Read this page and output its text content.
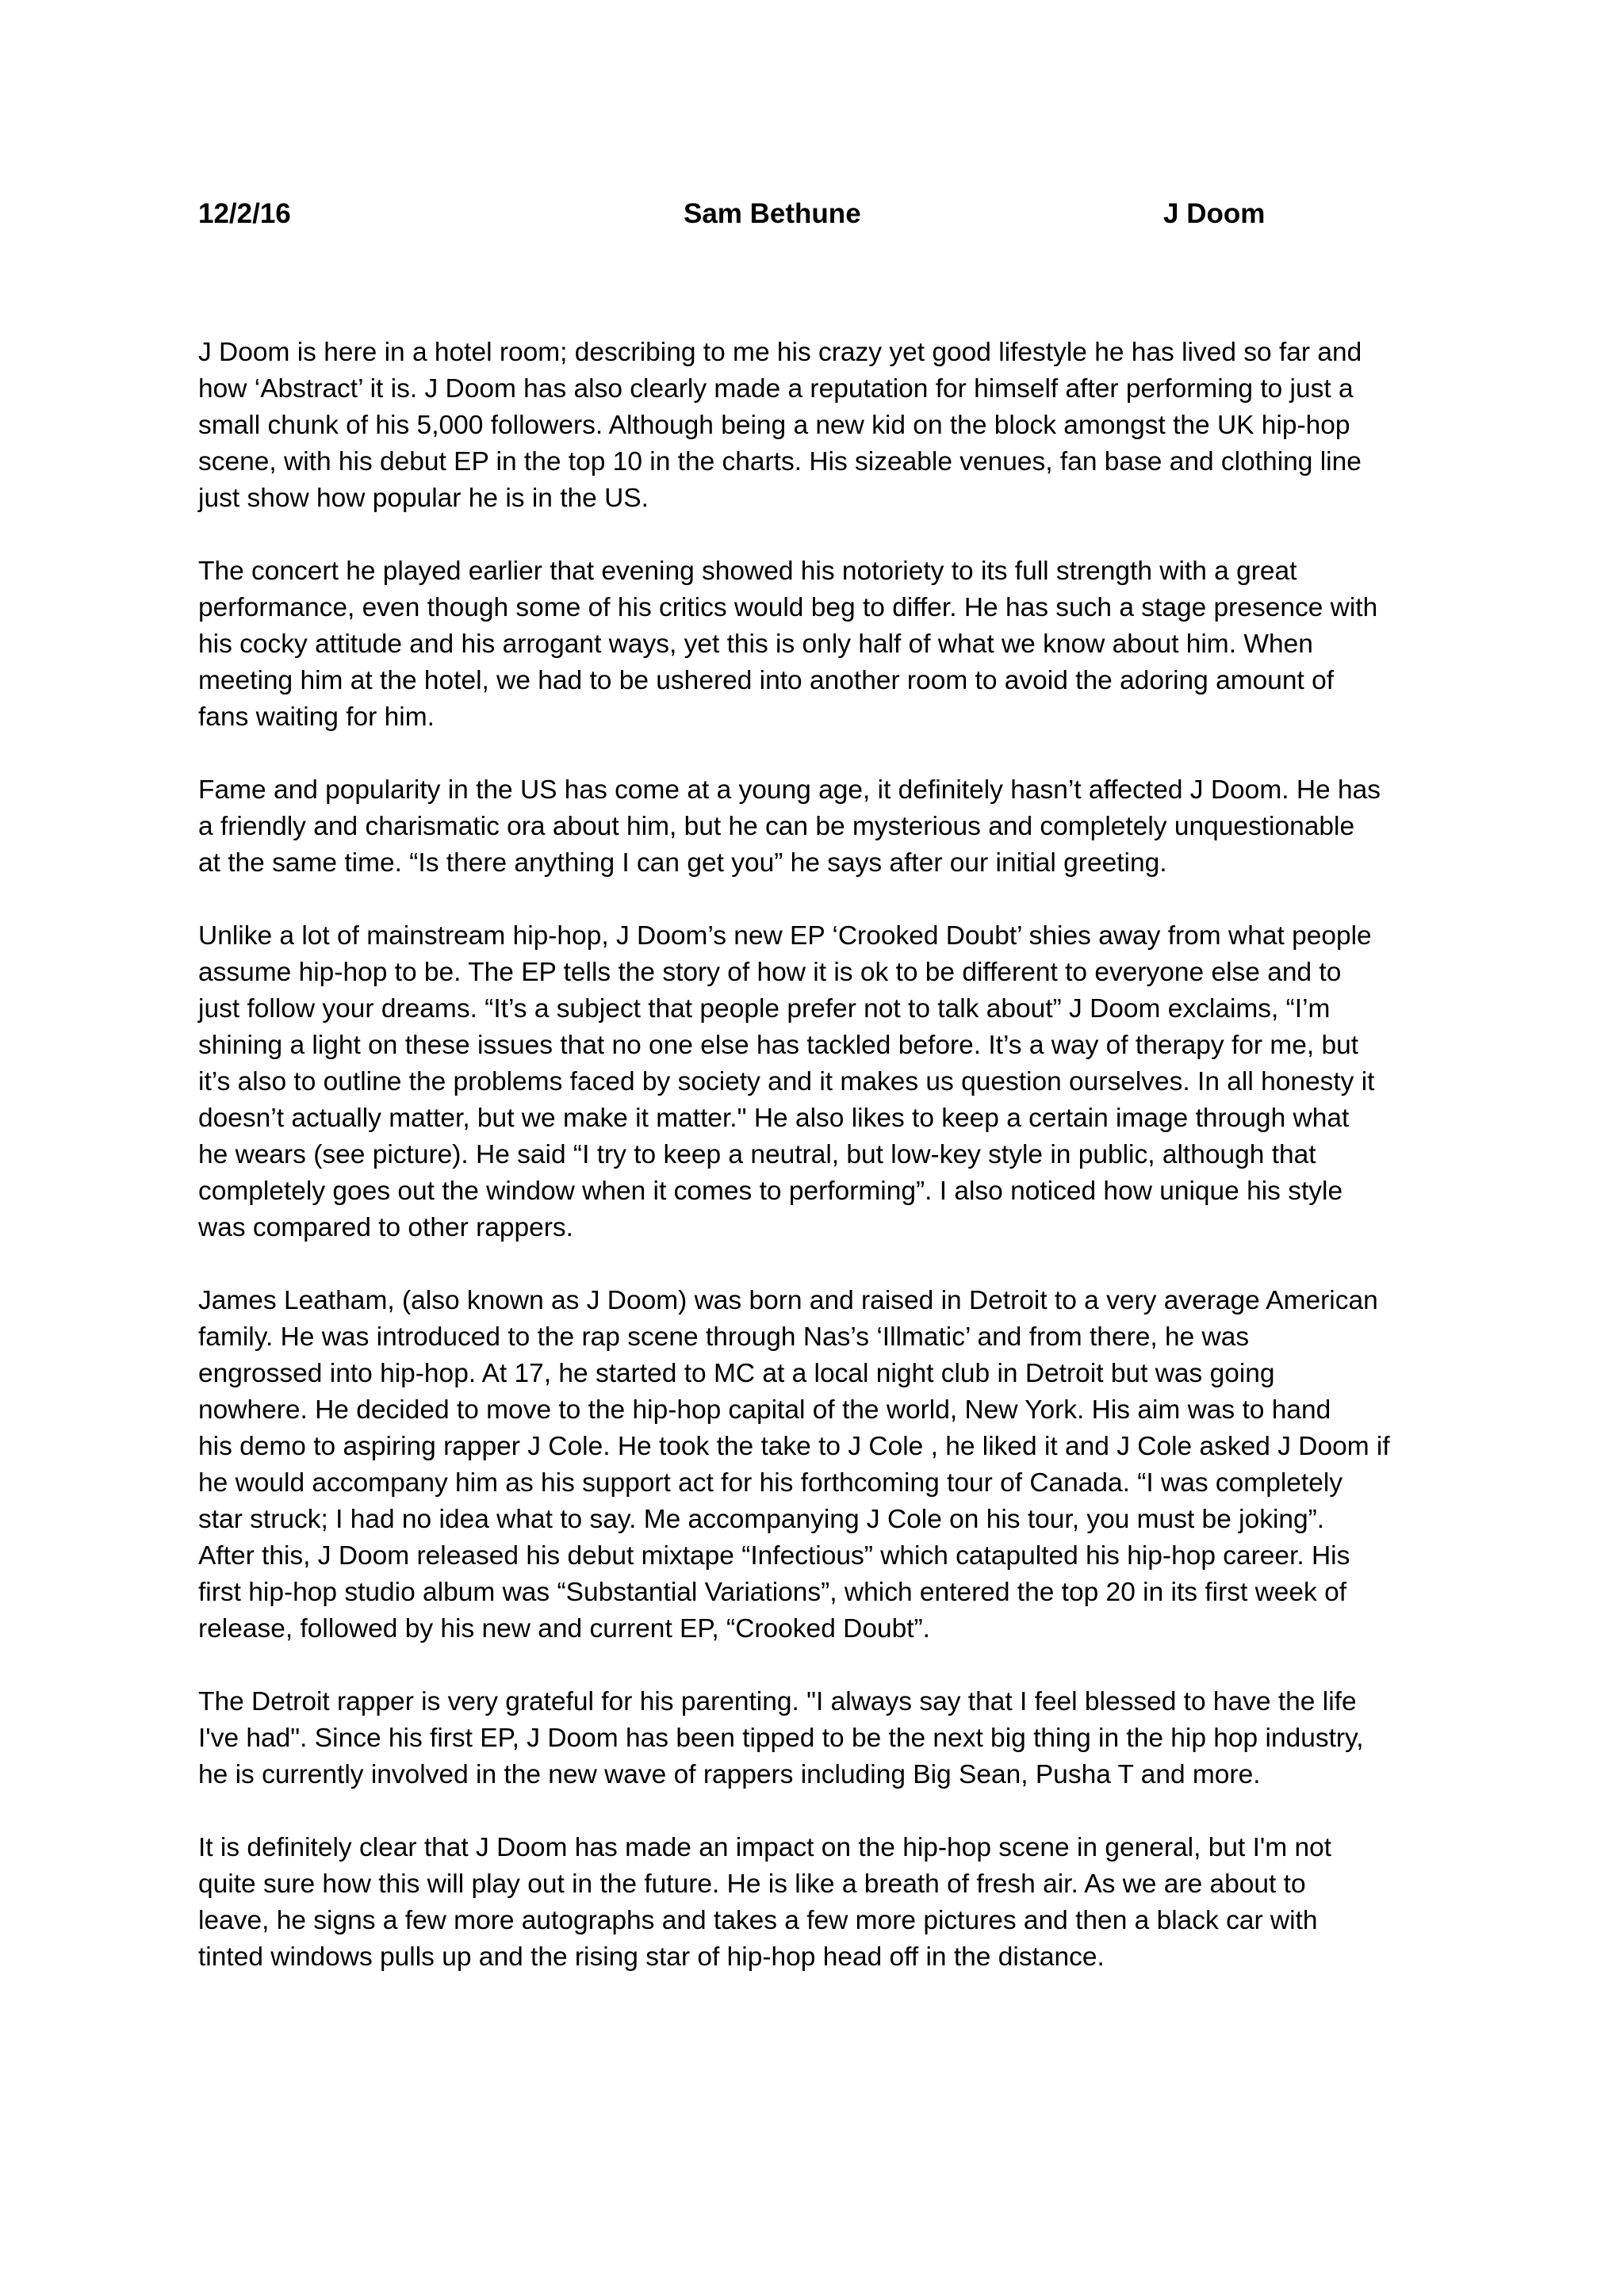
12/2/16	Sam Bethune	J Doom

J Doom is here in a hotel room; describing to me his crazy yet good lifestyle he has lived so far and
how ‘Abstract’ it is. J Doom has also clearly made a reputation for himself after performing to just a
small chunk of his 5,000 followers. Although being a new kid on the block amongst the UK hip-hop
scene, with his debut EP in the top 10 in the charts. His sizeable venues, fan base and clothing line
just show how popular he is in the US.

The concert he played earlier that evening showed his notoriety to its full strength with a great
performance, even though some of his critics would beg to differ. He has such a stage presence with
his cocky attitude and his arrogant ways, yet this is only half of what we know about him. When
meeting him at the hotel, we had to be ushered into another room to avoid the adoring amount of
fans waiting for him.

Fame and popularity in the US has come at a young age, it definitely hasn’t affected J Doom. He has
a friendly and charismatic ora about him, but he can be mysterious and completely unquestionable
at the same time. “Is there anything I can get you” he says after our initial greeting.

Unlike a lot of mainstream hip-hop, J Doom’s new EP ‘Crooked Doubt’ shies away from what people
assume hip-hop to be. The EP tells the story of how it is ok to be different to everyone else and to
just follow your dreams. “It’s a subject that people prefer not to talk about” J Doom exclaims, “I’m
shining a light on these issues that no one else has tackled before. It’s a way of therapy for me, but
it’s also to outline the problems faced by society and it makes us question ourselves. In all honesty it
doesn’t actually matter, but we make it matter." He also likes to keep a certain image through what
he wears (see picture). He said “I try to keep a neutral, but low-key style in public, although that
completely goes out the window when it comes to performing”. I also noticed how unique his style
was compared to other rappers.

James Leatham, (also known as J Doom) was born and raised in Detroit to a very average American
family. He was introduced to the rap scene through Nas’s ‘Illmatic’ and from there, he was
engrossed into hip-hop. At 17, he started to MC at a local night club in Detroit but was going
nowhere. He decided to move to the hip-hop capital of the world, New York. His aim was to hand
his demo to aspiring rapper J Cole. He took the take to J Cole , he liked it and J Cole asked J Doom if
he would accompany him as his support act for his forthcoming tour of Canada. “I was completely
star struck; I had no idea what to say. Me accompanying J Cole on his tour, you must be joking”.
After this, J Doom released his debut mixtape “Infectious” which catapulted his hip-hop career. His
first hip-hop studio album was “Substantial Variations”, which entered the top 20 in its first week of
release, followed by his new and current EP, “Crooked Doubt”.

The Detroit rapper is very grateful for his parenting. "I always say that I feel blessed to have the life
I've had". Since his first EP, J Doom has been tipped to be the next big thing in the hip hop industry,
he is currently involved in the new wave of rappers including Big Sean, Pusha T and more.

It is definitely clear that J Doom has made an impact on the hip-hop scene in general, but I'm not
quite sure how this will play out in the future. He is like a breath of fresh air. As we are about to
leave, he signs a few more autographs and takes a few more pictures and then a black car with
tinted windows pulls up and the rising star of hip-hop head off in the distance.
